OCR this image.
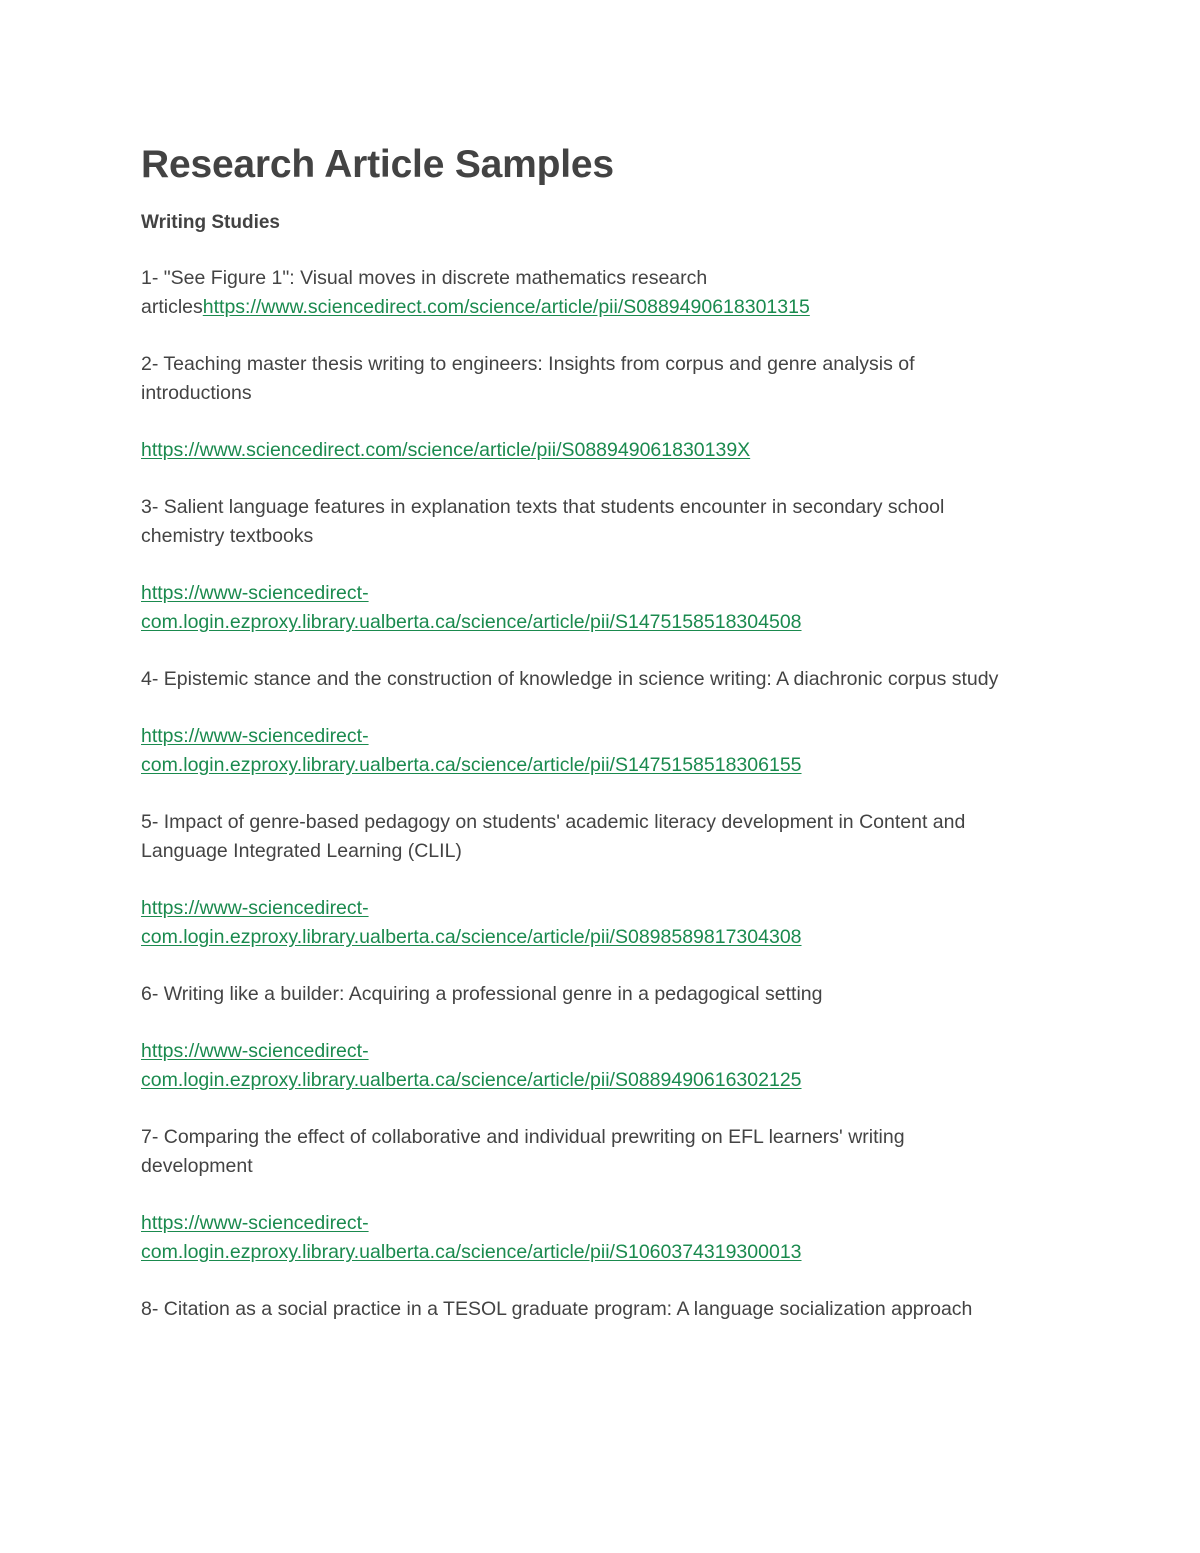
Research Article Samples
Writing Studies
1- "See Figure 1": Visual moves in discrete mathematics research
articleshttps://www.sciencedirect.com/science/article/pii/S0889490618301315
2- Teaching master thesis writing to engineers: Insights from corpus and genre analysis of
introductions
https://www.sciencedirect.com/science/article/pii/S088949061830139X
3- Salient language features in explanation texts that students encounter in secondary school
chemistry textbooks
https://www-sciencedirect-
com.login.ezproxy.library.ualberta.ca/science/article/pii/S1475158518304508
4- Epistemic stance and the construction of knowledge in science writing: A diachronic corpus study
https://www-sciencedirect-
com.login.ezproxy.library.ualberta.ca/science/article/pii/S1475158518306155
5- Impact of genre-based pedagogy on students' academic literacy development in Content and
Language Integrated Learning (CLIL)
https://www-sciencedirect-
com.login.ezproxy.library.ualberta.ca/science/article/pii/S0898589817304308
6- Writing like a builder: Acquiring a professional genre in a pedagogical setting
https://www-sciencedirect-
com.login.ezproxy.library.ualberta.ca/science/article/pii/S0889490616302125
7- Comparing the effect of collaborative and individual prewriting on EFL learners' writing
development
https://www-sciencedirect-
com.login.ezproxy.library.ualberta.ca/science/article/pii/S1060374319300013
8- Citation as a social practice in a TESOL graduate program: A language socialization approach
